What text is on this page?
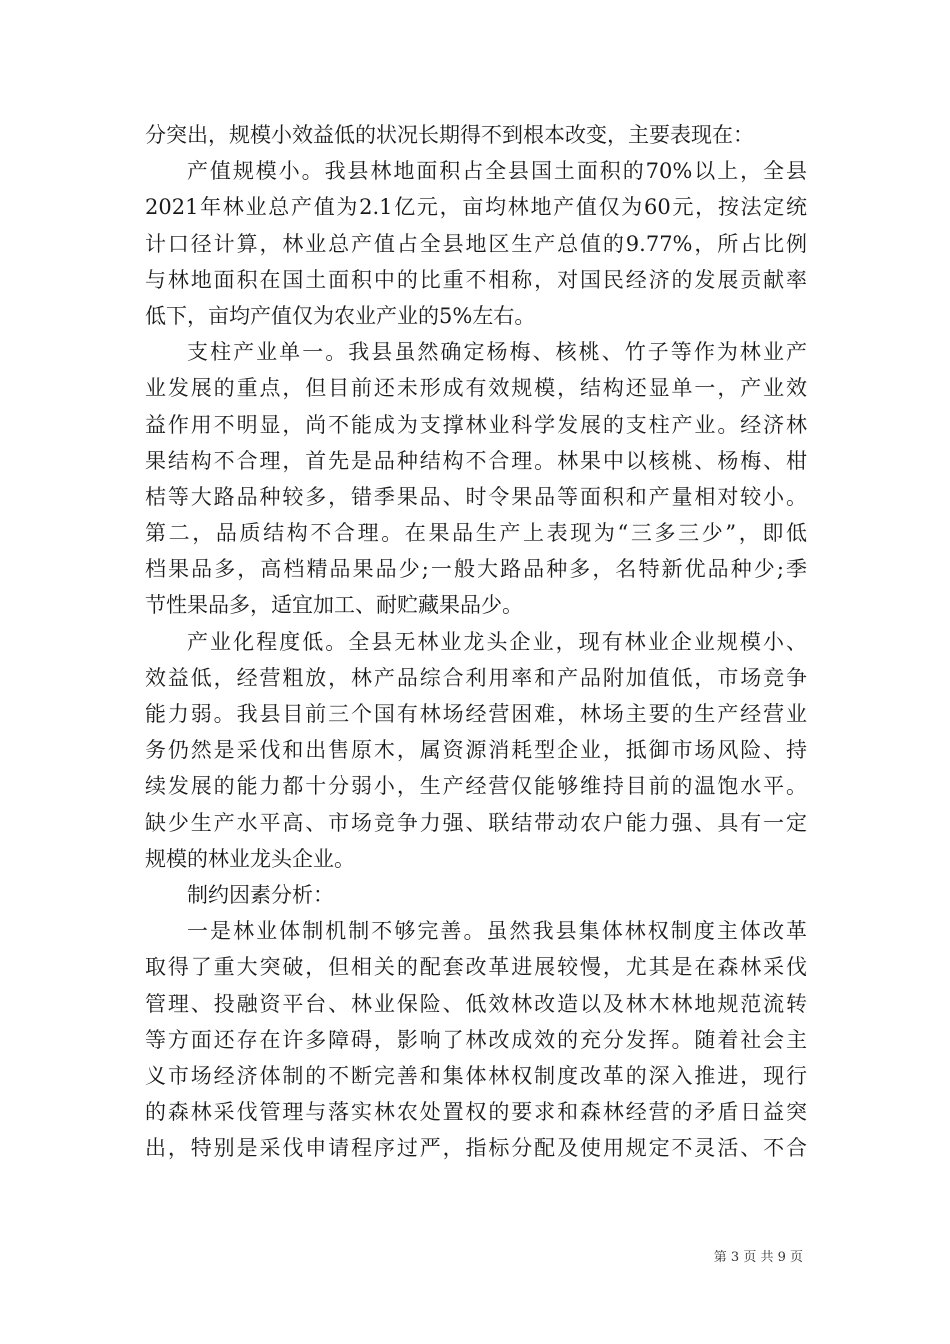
分突出，规模小效益低的状况长期得不到根本改变，主要表现在：
产值规模小。我县林地面积占全县国土面积的70%以上，全县
2021年林业总产值为2.1亿元，亩均林地产值仅为60元，按法定统
计口径计算，林业总产值占全县地区生产总值的9.77%，所占比例
与林地面积在国土面积中的比重不相称，对国民经济的发展贡献率
低下，亩均产值仅为农业产业的5%左右。
支柱产业单一。我县虽然确定杨梅、核桃、竹子等作为林业产
业发展的重点，但目前还未形成有效规模，结构还显单一，产业效
益作用不明显，尚不能成为支撑林业科学发展的支柱产业。经济林
果结构不合理，首先是品种结构不合理。林果中以核桃、杨梅、柑
桔等大路品种较多，错季果品、时令果品等面积和产量相对较小。
第二，品质结构不合理。在果品生产上表现为“三多三少”，即低
档果品多，高档精品果品少;一般大路品种多，名特新优品种少;季
节性果品多，适宜加工、耐贮藏果品少。
产业化程度低。全县无林业龙头企业，现有林业企业规模小、
效益低，经营粗放，林产品综合利用率和产品附加值低，市场竞争
能力弱。我县目前三个国有林场经营困难，林场主要的生产经营业
务仍然是采伐和出售原木，属资源消耗型企业，抵御市场风险、持
续发展的能力都十分弱小，生产经营仅能够维持目前的温饱水平。
缺少生产水平高、市场竞争力强、联结带动农户能力强、具有一定
规模的林业龙头企业。
制约因素分析：
一是林业体制机制不够完善。虽然我县集体林权制度主体改革
取得了重大突破，但相关的配套改革进展较慢，尤其是在森林采伐
管理、投融资平台、林业保险、低效林改造以及林木林地规范流转
等方面还存在许多障碍，影响了林改成效的充分发挥。随着社会主
义市场经济体制的不断完善和集体林权制度改革的深入推进，现行
的森林采伐管理与落实林农处置权的要求和森林经营的矛盾日益突
出，特别是采伐申请程序过严，指标分配及使用规定不灵活、不合
第 3 页 共 9 页
